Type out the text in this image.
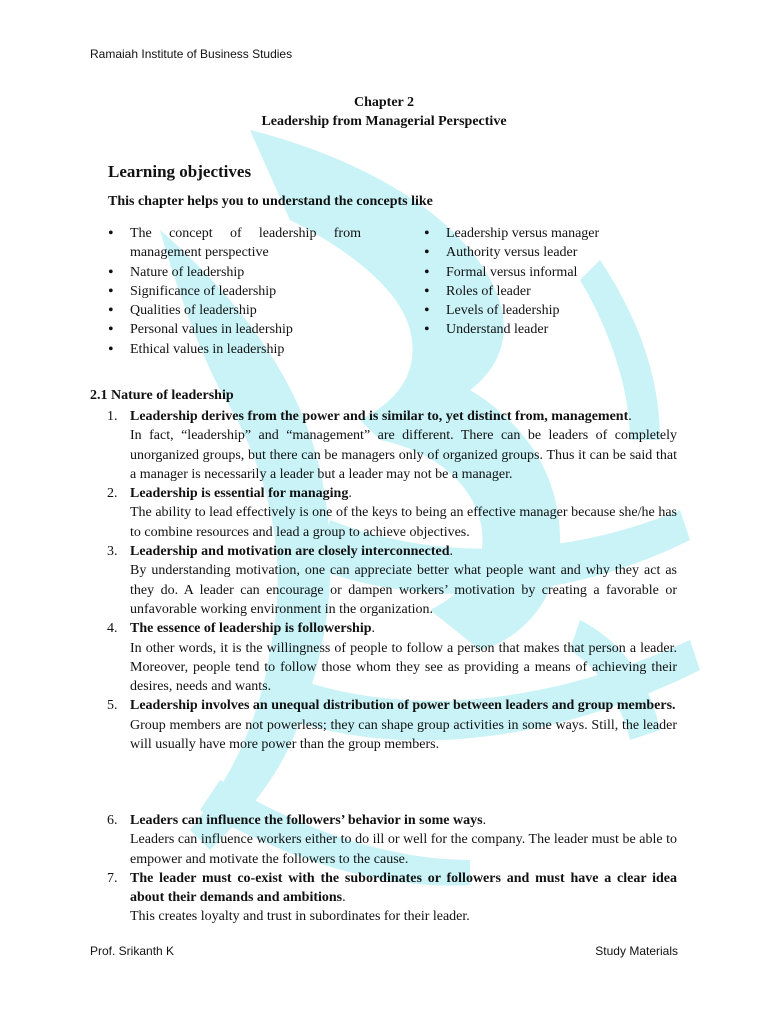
Ramaiah Institute of Business Studies
Chapter 2
Leadership from Managerial Perspective
Learning objectives
This chapter helps you to understand the concepts like
• The concept of leadership from management perspective
• Nature of leadership
• Significance of leadership
• Qualities of leadership
• Personal values in leadership
• Ethical values in leadership
• Leadership versus manager
• Authority versus leader
• Formal versus informal
• Roles of leader
• Levels of leadership
• Understand leader
2.1 Nature of leadership
1. Leadership derives from the power and is similar to, yet distinct from, management.

In fact, “leadership” and “management” are different. There can be leaders of completely unorganized groups, but there can be managers only of organized groups. Thus it can be said that a manager is necessarily a leader but a leader may not be a manager.

2. Leadership is essential for managing.

The ability to lead effectively is one of the keys to being an effective manager because she/he has to combine resources and lead a group to achieve objectives.

3. Leadership and motivation are closely interconnected.

By understanding motivation, one can appreciate better what people want and why they act as they do. A leader can encourage or dampen workers’ motivation by creating a favorable or unfavorable working environment in the organization.

4. The essence of leadership is followership.

In other words, it is the willingness of people to follow a person that makes that person a leader. Moreover, people tend to follow those whom they see as providing a means of achieving their desires, needs and wants.

5. Leadership involves an unequal distribution of power between leaders and group members.

Group members are not powerless; they can shape group activities in some ways. Still, the leader will usually have more power than the group members.

6. Leaders can influence the followers’ behavior in some ways.

Leaders can influence workers either to do ill or well for the company. The leader must be able to empower and motivate the followers to the cause.

7. The leader must co-exist with the subordinates or followers and must have a clear idea about their demands and ambitions.

This creates loyalty and trust in subordinates for their leader.

Prof. Srikanth K	Study Materials
